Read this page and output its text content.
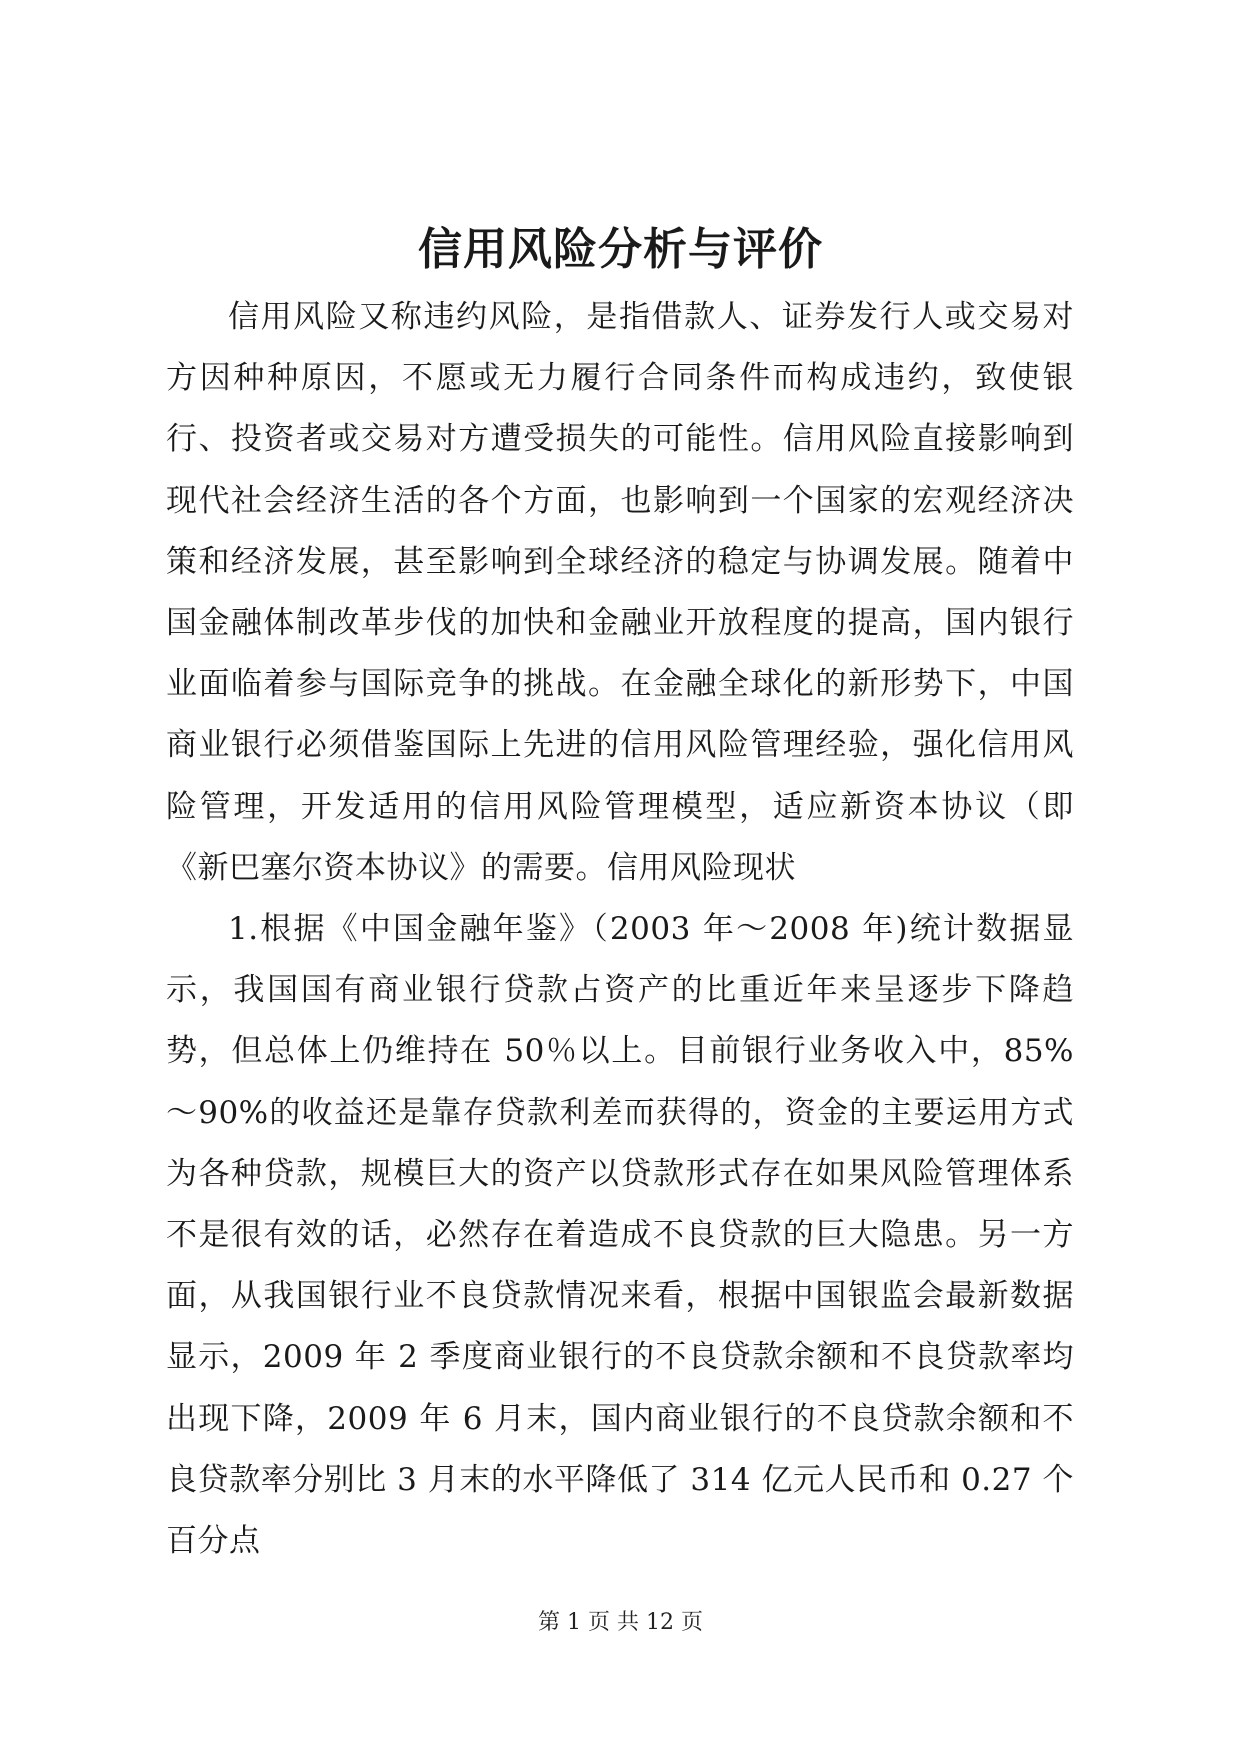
信用风险分析与评价

信用风险又称违约风险，是指借款人、证券发行人或交易对方因种种原因，不愿或无力履行合同条件而构成违约，致使银行、投资者或交易对方遭受损失的可能性。信用风险直接影响到现代社会经济生活的各个方面，也影响到一个国家的宏观经济决策和经济发展，甚至影响到全球经济的稳定与协调发展。随着中国金融体制改革步伐的加快和金融业开放程度的提高，国内银行业面临着参与国际竞争的挑战。在金融全球化的新形势下，中国商业银行必须借鉴国际上先进的信用风险管理经验，强化信用风险管理，开发适用的信用风险管理模型，适应新资本协议（即《新巴塞尔资本协议》的需要。信用风险现状

1.根据《中国金融年鉴》（2003 年～2008 年)统计数据显示，我国国有商业银行贷款占资产的比重近年来呈逐步下降趋势，但总体上仍维持在 50％以上。目前银行业务收入中，85%～90%的收益还是靠存贷款利差而获得的，资金的主要运用方式为各种贷款，规模巨大的资产以贷款形式存在如果风险管理体系不是很有效的话，必然存在着造成不良贷款的巨大隐患。另一方面，从我国银行业不良贷款情况来看，根据中国银监会最新数据显示，2009 年 2 季度商业银行的不良贷款余额和不良贷款率均出现下降，2009 年 6 月末，国内商业银行的不良贷款余额和不良贷款率分别比 3 月末的水平降低了 314 亿元人民币和 0.27 个百分点

第 1 页 共 12 页
